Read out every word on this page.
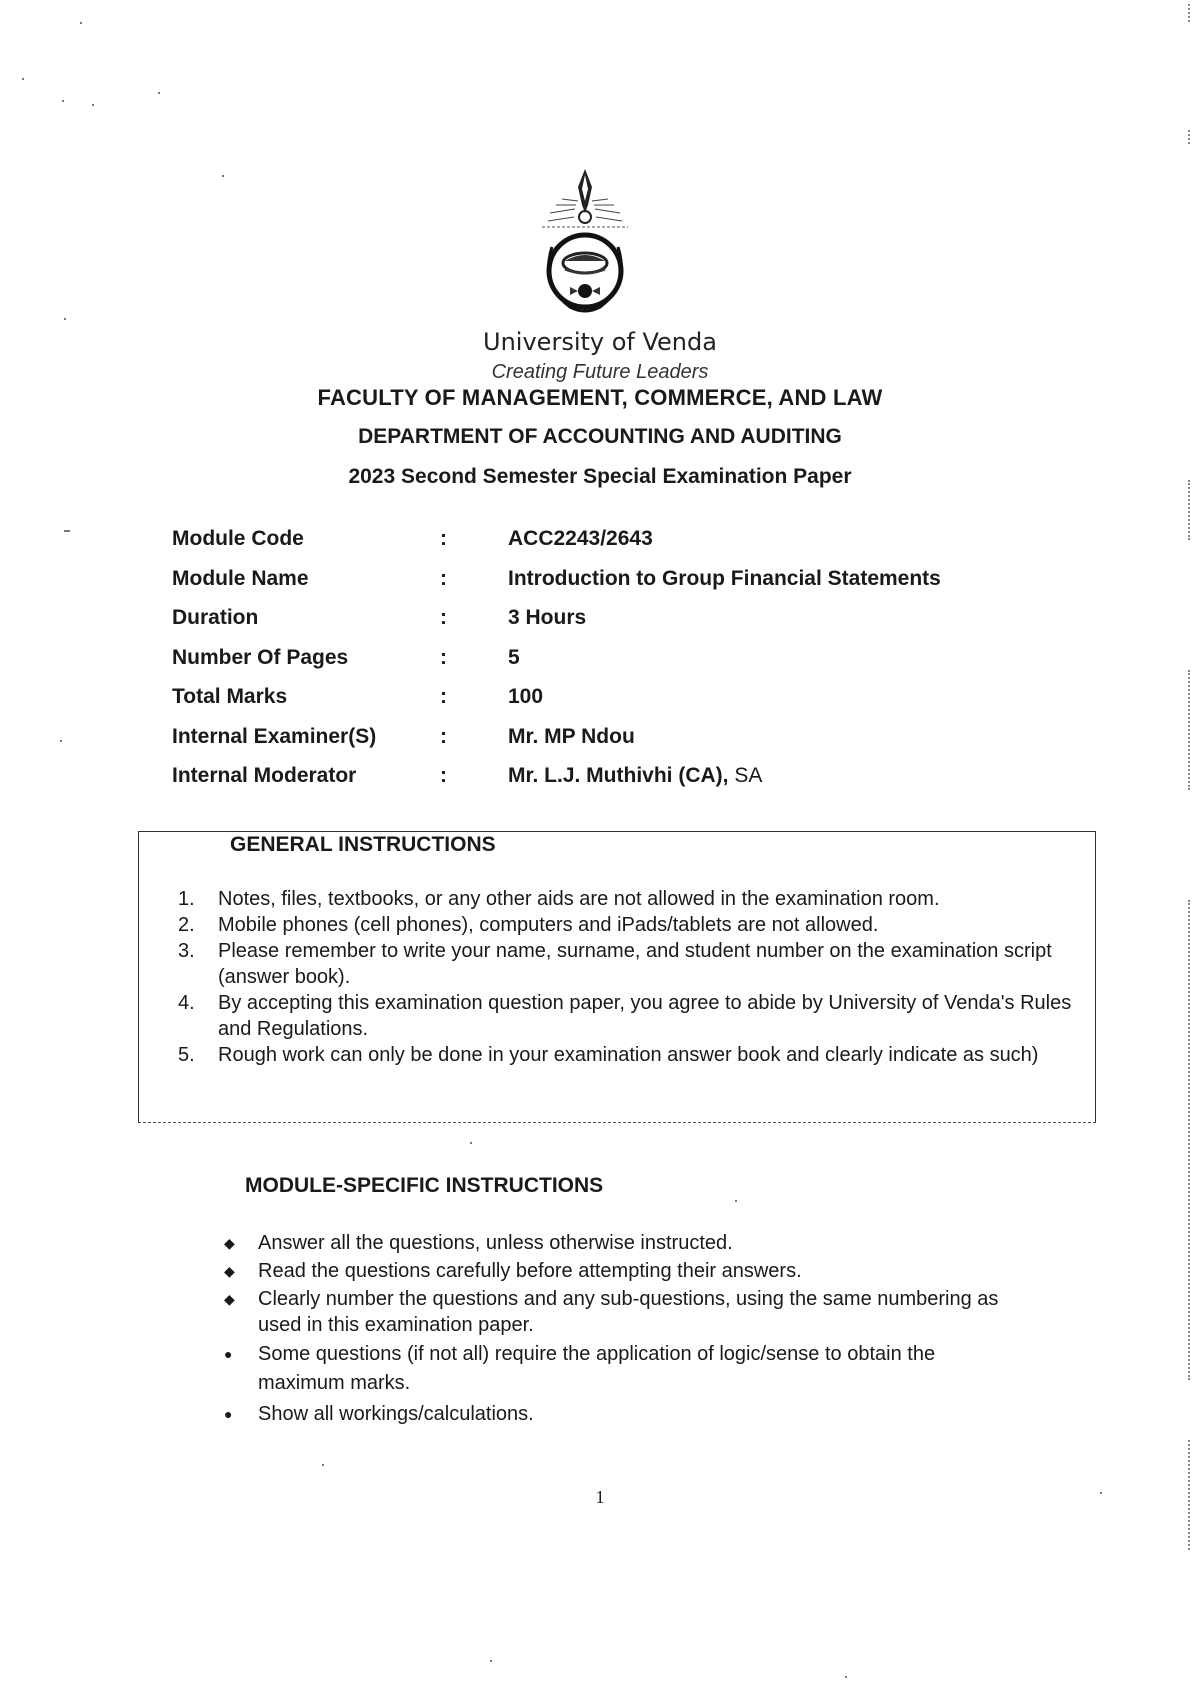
University of Venda
Creating Future Leaders
FACULTY OF MANAGEMENT, COMMERCE, AND LAW
DEPARTMENT OF ACCOUNTING AND AUDITING
2023 Second Semester Special Examination Paper
Module Code	:	ACC2243/2643
Module Name	:	Introduction to Group Financial Statements
Duration	:	3 Hours
Number Of Pages	:	5
Total Marks	:	100
Internal Examiner(S)	:	Mr. MP Ndou
Internal Moderator	:	Mr. L.J. Muthivhi (CA), SA
GENERAL INSTRUCTIONS
1. Notes, files, textbooks, or any other aids are not allowed in the examination room.
2. Mobile phones (cell phones), computers and iPads/tablets are not allowed.
3. Please remember to write your name, surname, and student number on the examination script (answer book).
4. By accepting this examination question paper, you agree to abide by University of Venda's Rules and Regulations.
5. Rough work can only be done in your examination answer book and clearly indicate as such)
MODULE-SPECIFIC INSTRUCTIONS
◆ Answer all the questions, unless otherwise instructed.
◆ Read the questions carefully before attempting their answers.
◆ Clearly number the questions and any sub-questions, using the same numbering as used in this examination paper.
● Some questions (if not all) require the application of logic/sense to obtain the maximum marks.
● Show all workings/calculations.
1
